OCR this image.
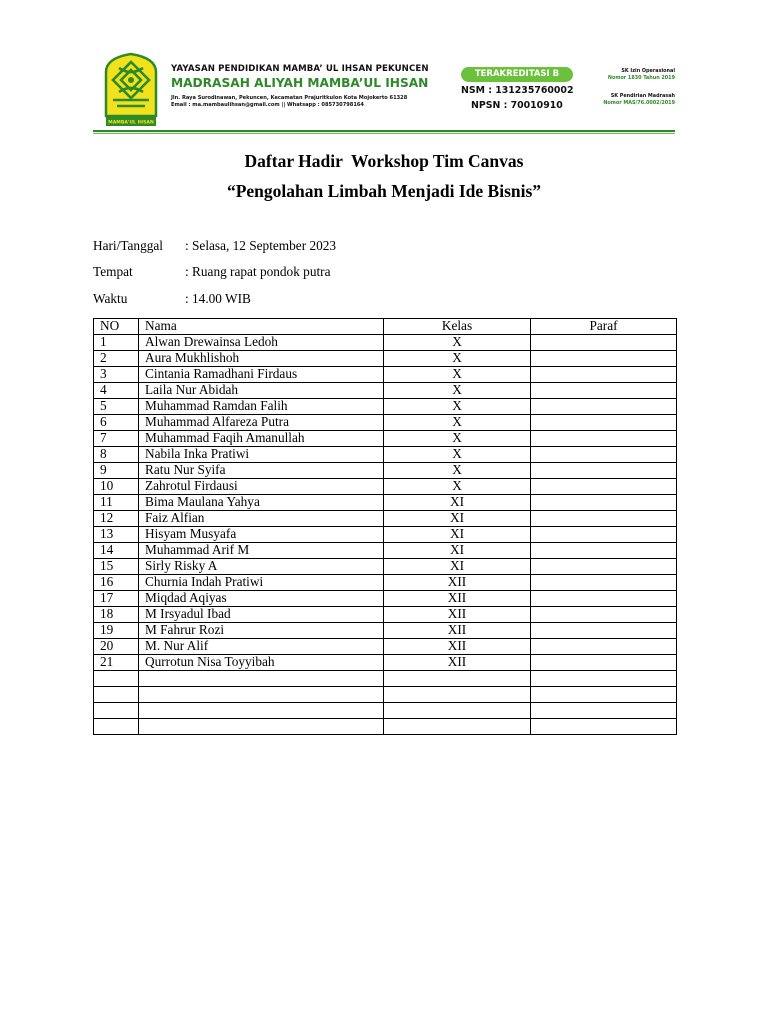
MAMBA'UL IHSAN
YAYASAN PENDIDIKAN MAMBA’ UL IHSAN PEKUNCEN
MADRASAH ALIYAH MAMBA’UL IHSAN
Jln. Raya Surodinawan, Pekuncen, Kecamatan Prajuritkulon Kota Mojokerto 61328
Email : ma.mambaulihsan@gmail.com || Whatsapp : 085730798164
TERAKREDITASI B
NSM : 131235760002
NPSN : 70010910
SK Izin Operasional
Nomor 1830 Tahun 2019
SK Pendirian Madrasah
Nomor MAS/76.0002/2019
Daftar Hadir  Workshop Tim Canvas
“Pengolahan Limbah Menjadi Ide Bisnis”
Hari/Tanggal : Selasa, 12 September 2023
Tempat	: Ruang rapat pondok putra
Waktu	: 14.00 WIB
NO	Nama	Kelas	Paraf
1	Alwan Drewainsa Ledoh	X	
2	Aura Mukhlishoh	X	
3	Cintania Ramadhani Firdaus	X	
4	Laila Nur Abidah	X	
5	Muhammad Ramdan Falih	X	
6	Muhammad Alfareza Putra	X	
7	Muhammad Faqih Amanullah	X	
8	Nabila Inka Pratiwi	X	
9	Ratu Nur Syifa	X	
10	Zahrotul Firdausi	X	
11	Bima Maulana Yahya	XI	
12	Faiz Alfian	XI	
13	Hisyam Musyafa	XI	
14	Muhammad Arif M	XI	
15	Sirly Risky A	XI	
16	Churnia Indah Pratiwi	XII	
17	Miqdad Aqiyas	XII	
18	M Irsyadul Ibad	XII	
19	M Fahrur Rozi	XII	
20	M. Nur Alif	XII	
21	Qurrotun Nisa Toyyibah	XII	
